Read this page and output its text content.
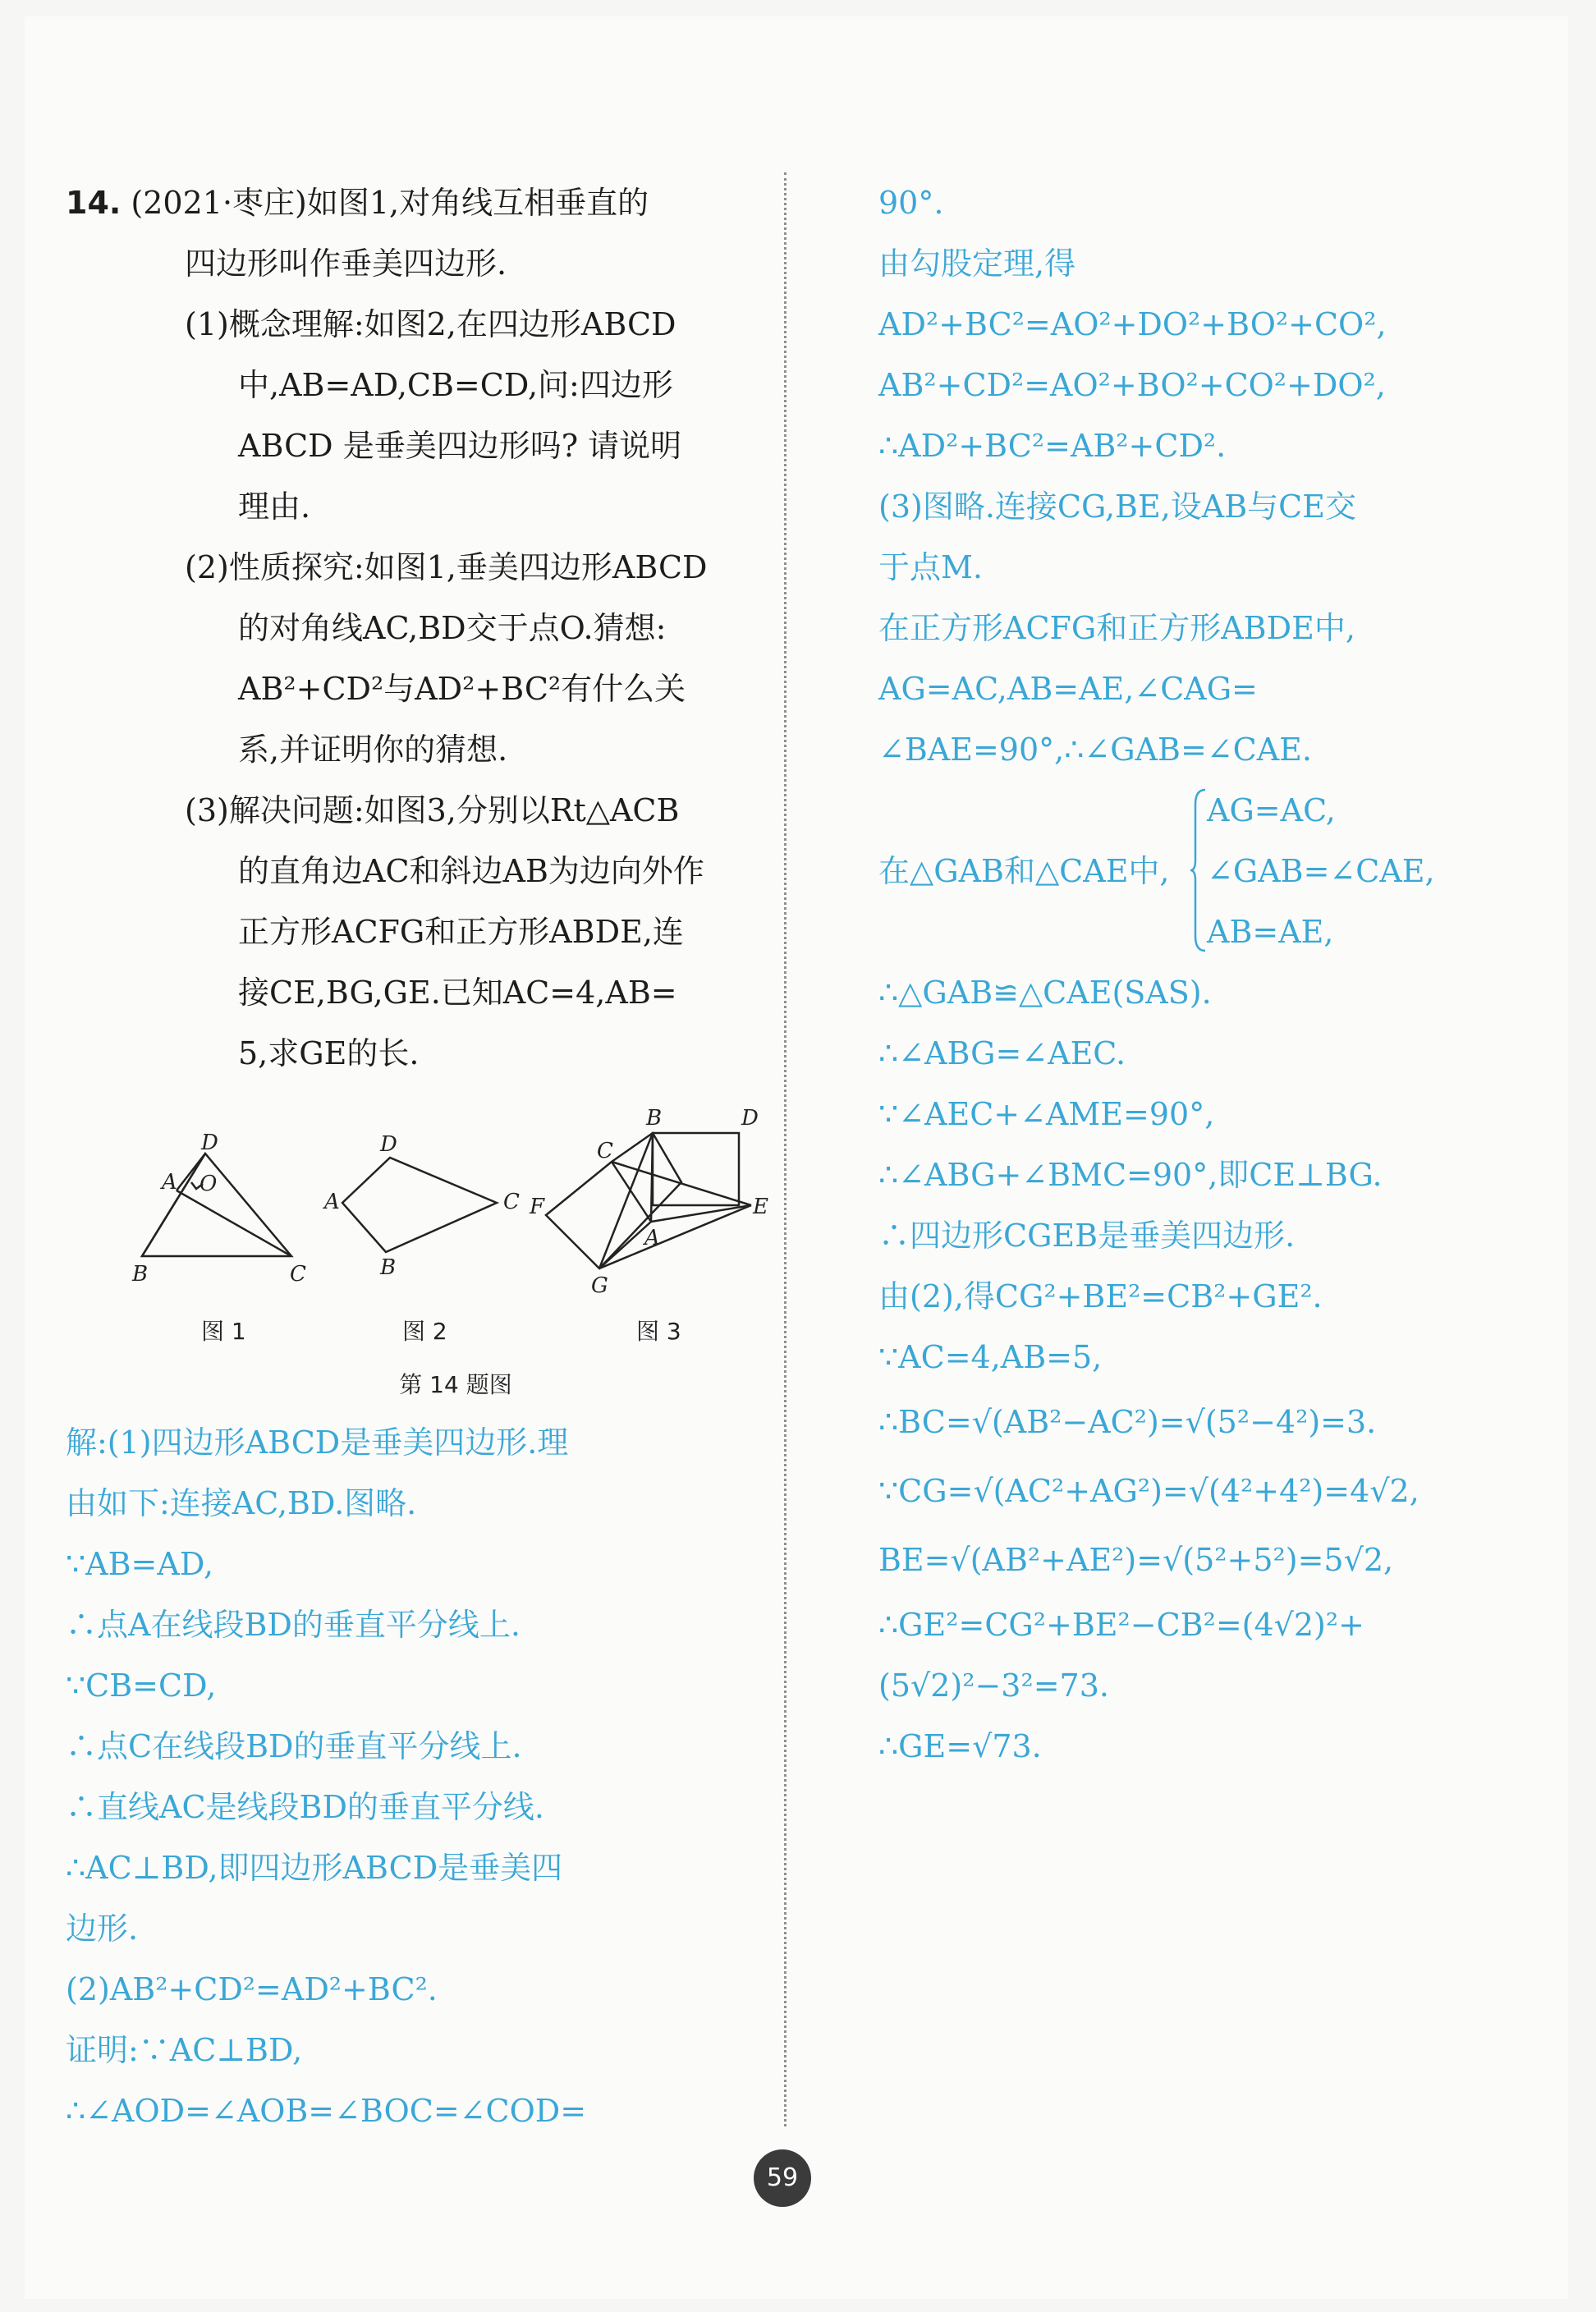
14. (2021·枣庄)如图1,对角线互相垂直的
四边形叫作垂美四边形.
(1)概念理解:如图2,在四边形ABCD
中,AB=AD,CB=CD,问:四边形
ABCD 是垂美四边形吗? 请说明
理由.
(2)性质探究:如图1,垂美四边形ABCD
的对角线AC,BD交于点O.猜想:
AB²+CD²与AD²+BC²有什么关
系,并证明你的猜想.
(3)解决问题:如图3,分别以Rt△ACB
的直角边AC和斜边AB为边向外作
正方形ACFG和正方形ABDE,连
接CE,BG,GE.已知AC=4,AB=
5,求GE的长.
D
A O
B	C
D
A	C
B
B	D
C
F
A
E
G
图 1	图 2	图 3
第 14 题图
解:(1)四边形ABCD是垂美四边形.理
由如下:连接AC,BD.图略.
∵AB=AD,
∴点A在线段BD的垂直平分线上.
∵CB=CD,
∴点C在线段BD的垂直平分线上.
∴直线AC是线段BD的垂直平分线.
∴AC⊥BD,即四边形ABCD是垂美四
边形.
(2)AB²+CD²=AD²+BC².
证明:∵AC⊥BD,
∴∠AOD=∠AOB=∠BOC=∠COD=
90°.
由勾股定理,得
AD²+BC²=AO²+DO²+BO²+CO²,
AB²+CD²=AO²+BO²+CO²+DO²,
∴AD²+BC²=AB²+CD².
(3)图略.连接CG,BE,设AB与CE交
于点M.
在正方形ACFG和正方形ABDE中,
AG=AC,AB=AE,∠CAG=
∠BAE=90°,∴∠GAB=∠CAE.
在△GAB和△CAE中,
AG=AC,
∠GAB=∠CAE,
AB=AE,
∴△GAB≌△CAE(SAS).
∴∠ABG=∠AEC.
∵∠AEC+∠AME=90°,
∴∠ABG+∠BMC=90°,即CE⊥BG.
∴四边形CGEB是垂美四边形.
由(2),得CG²+BE²=CB²+GE².
∵AC=4,AB=5,
∴BC=√(AB²−AC²)=√(5²−4²)=3.
∵CG=√(AC²+AG²)=√(4²+4²)=4√2,
BE=√(AB²+AE²)=√(5²+5²)=5√2,
∴GE²=CG²+BE²−CB²=(4√2)²+
(5√2)²−3²=73.
∴GE=√73.
59
